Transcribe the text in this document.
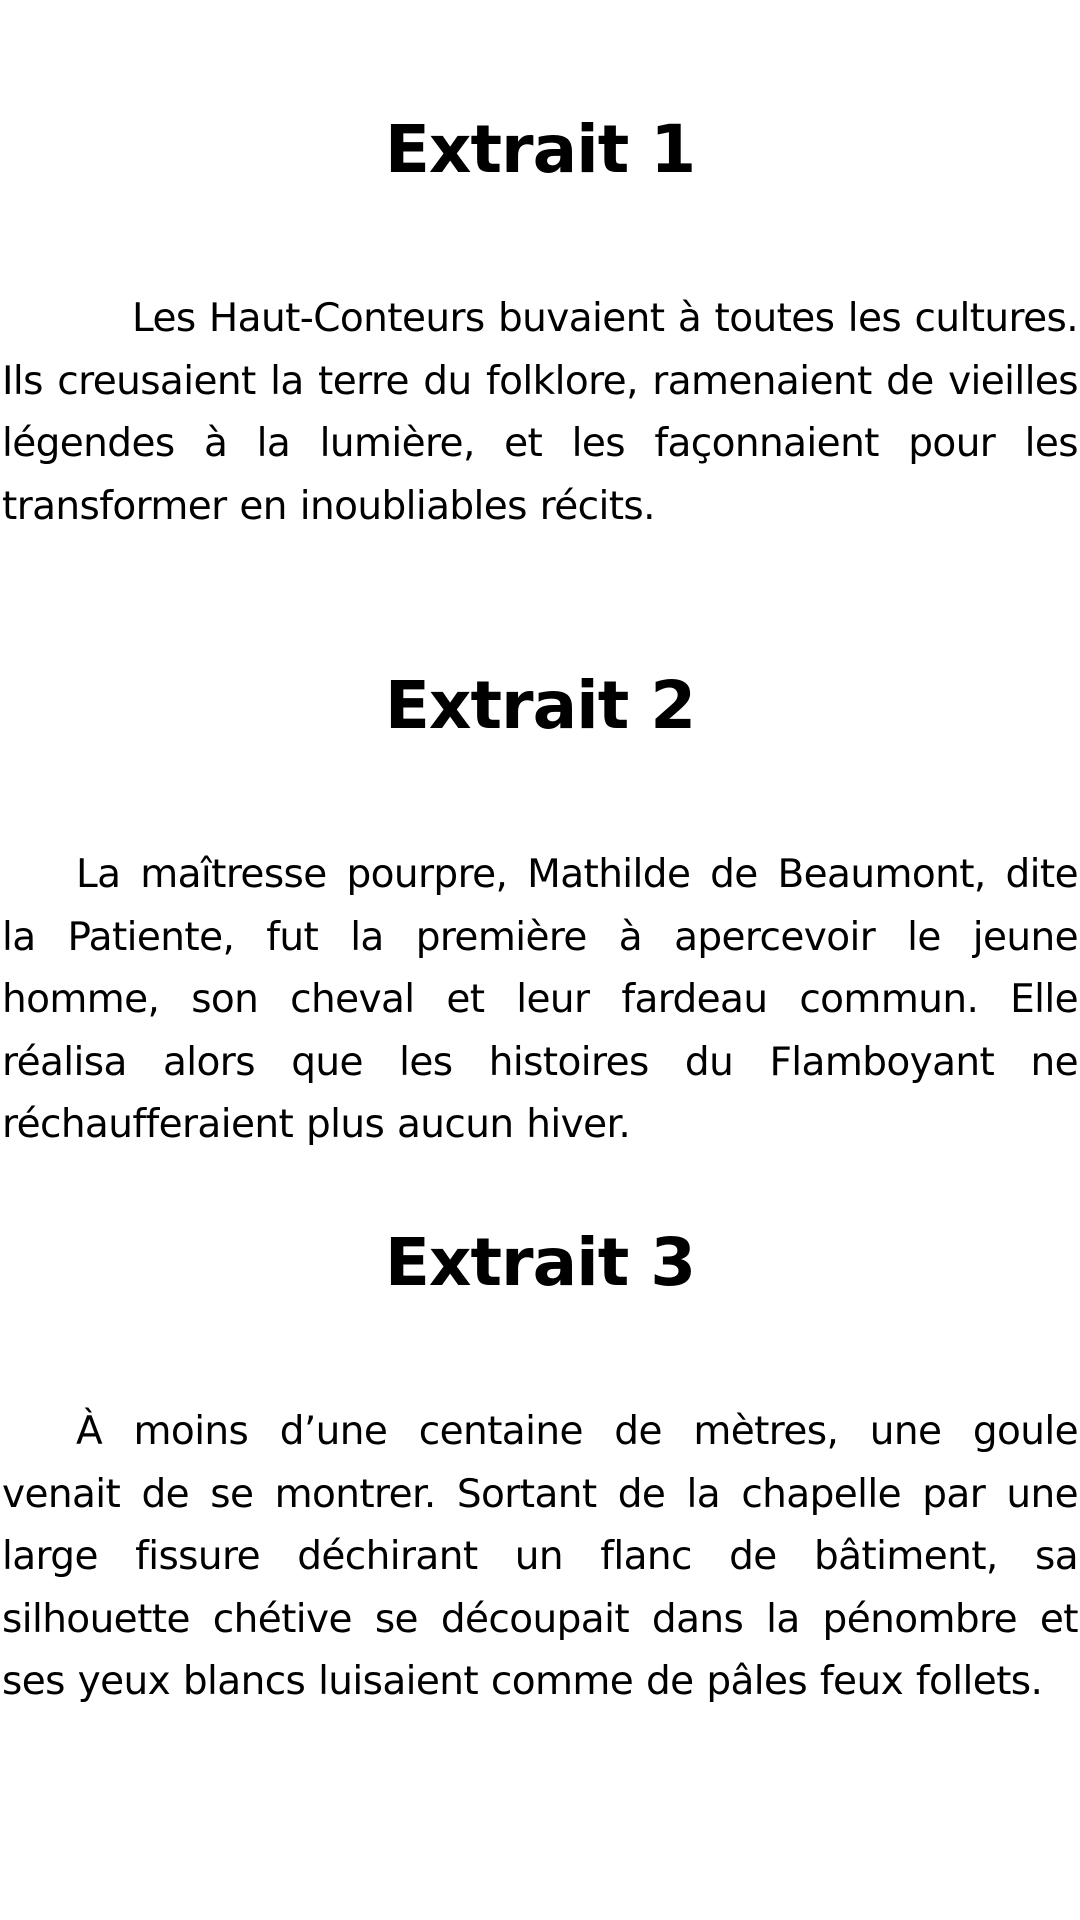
Extrait 1

Les Haut-Conteurs buvaient à toutes les cultures. Ils creusaient la terre du folklore, ramenaient de vieilles légendes à la lumière, et les façonnaient pour les transformer en inoubliables récits.

Extrait 2

La maîtresse pourpre, Mathilde de Beaumont, dite la Patiente, fut la première à apercevoir le jeune homme, son cheval et leur fardeau commun. Elle réalisa alors que les histoires du Flamboyant ne réchaufferaient plus aucun hiver.

Extrait 3

À moins d’une centaine de mètres, une goule venait de se montrer. Sortant de la chapelle par une large fissure déchirant un flanc de bâtiment, sa silhouette chétive se découpait dans la pénombre et ses yeux blancs luisaient comme de pâles feux follets.
